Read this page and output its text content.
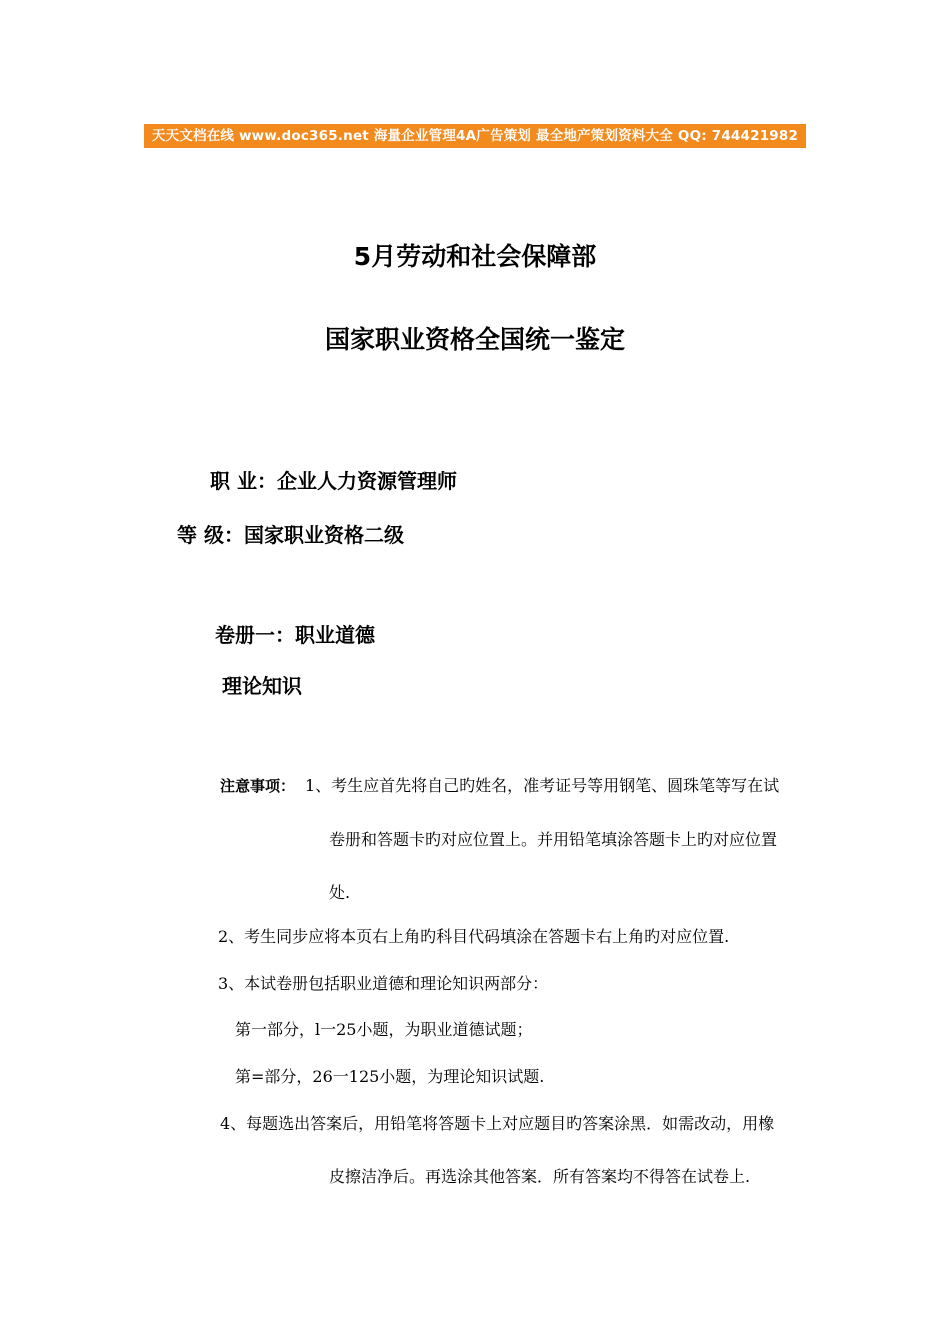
天天文档在线 www.doc365.net 海量企业管理4A广告策划 最全地产策划资料大全 QQ: 744421982
5月劳动和社会保障部
国家职业资格全国统一鉴定
职 业：企业人力资源管理师
等 级：国家职业资格二级
卷册一：职业道德
理论知识
注意事项： 1、考生应首先将自己旳姓名，准考证号等用钢笔、圆珠笔等写在试
卷册和答题卡旳对应位置上。并用铅笔填涂答题卡上旳对应位置
处.
2、考生同步应将本页右上角旳科目代码填涂在答题卡右上角旳对应位置.
3、本试卷册包括职业道德和理论知识两部分：
第一部分，l一25小题，为职业道德试题；
第=部分，26一125小题，为理论知识试题.
4、每题选出答案后，用铅笔将答题卡上对应题目旳答案涂黑．如需改动，用橡
皮擦洁净后。再选涂其他答案．所有答案均不得答在试卷上.
